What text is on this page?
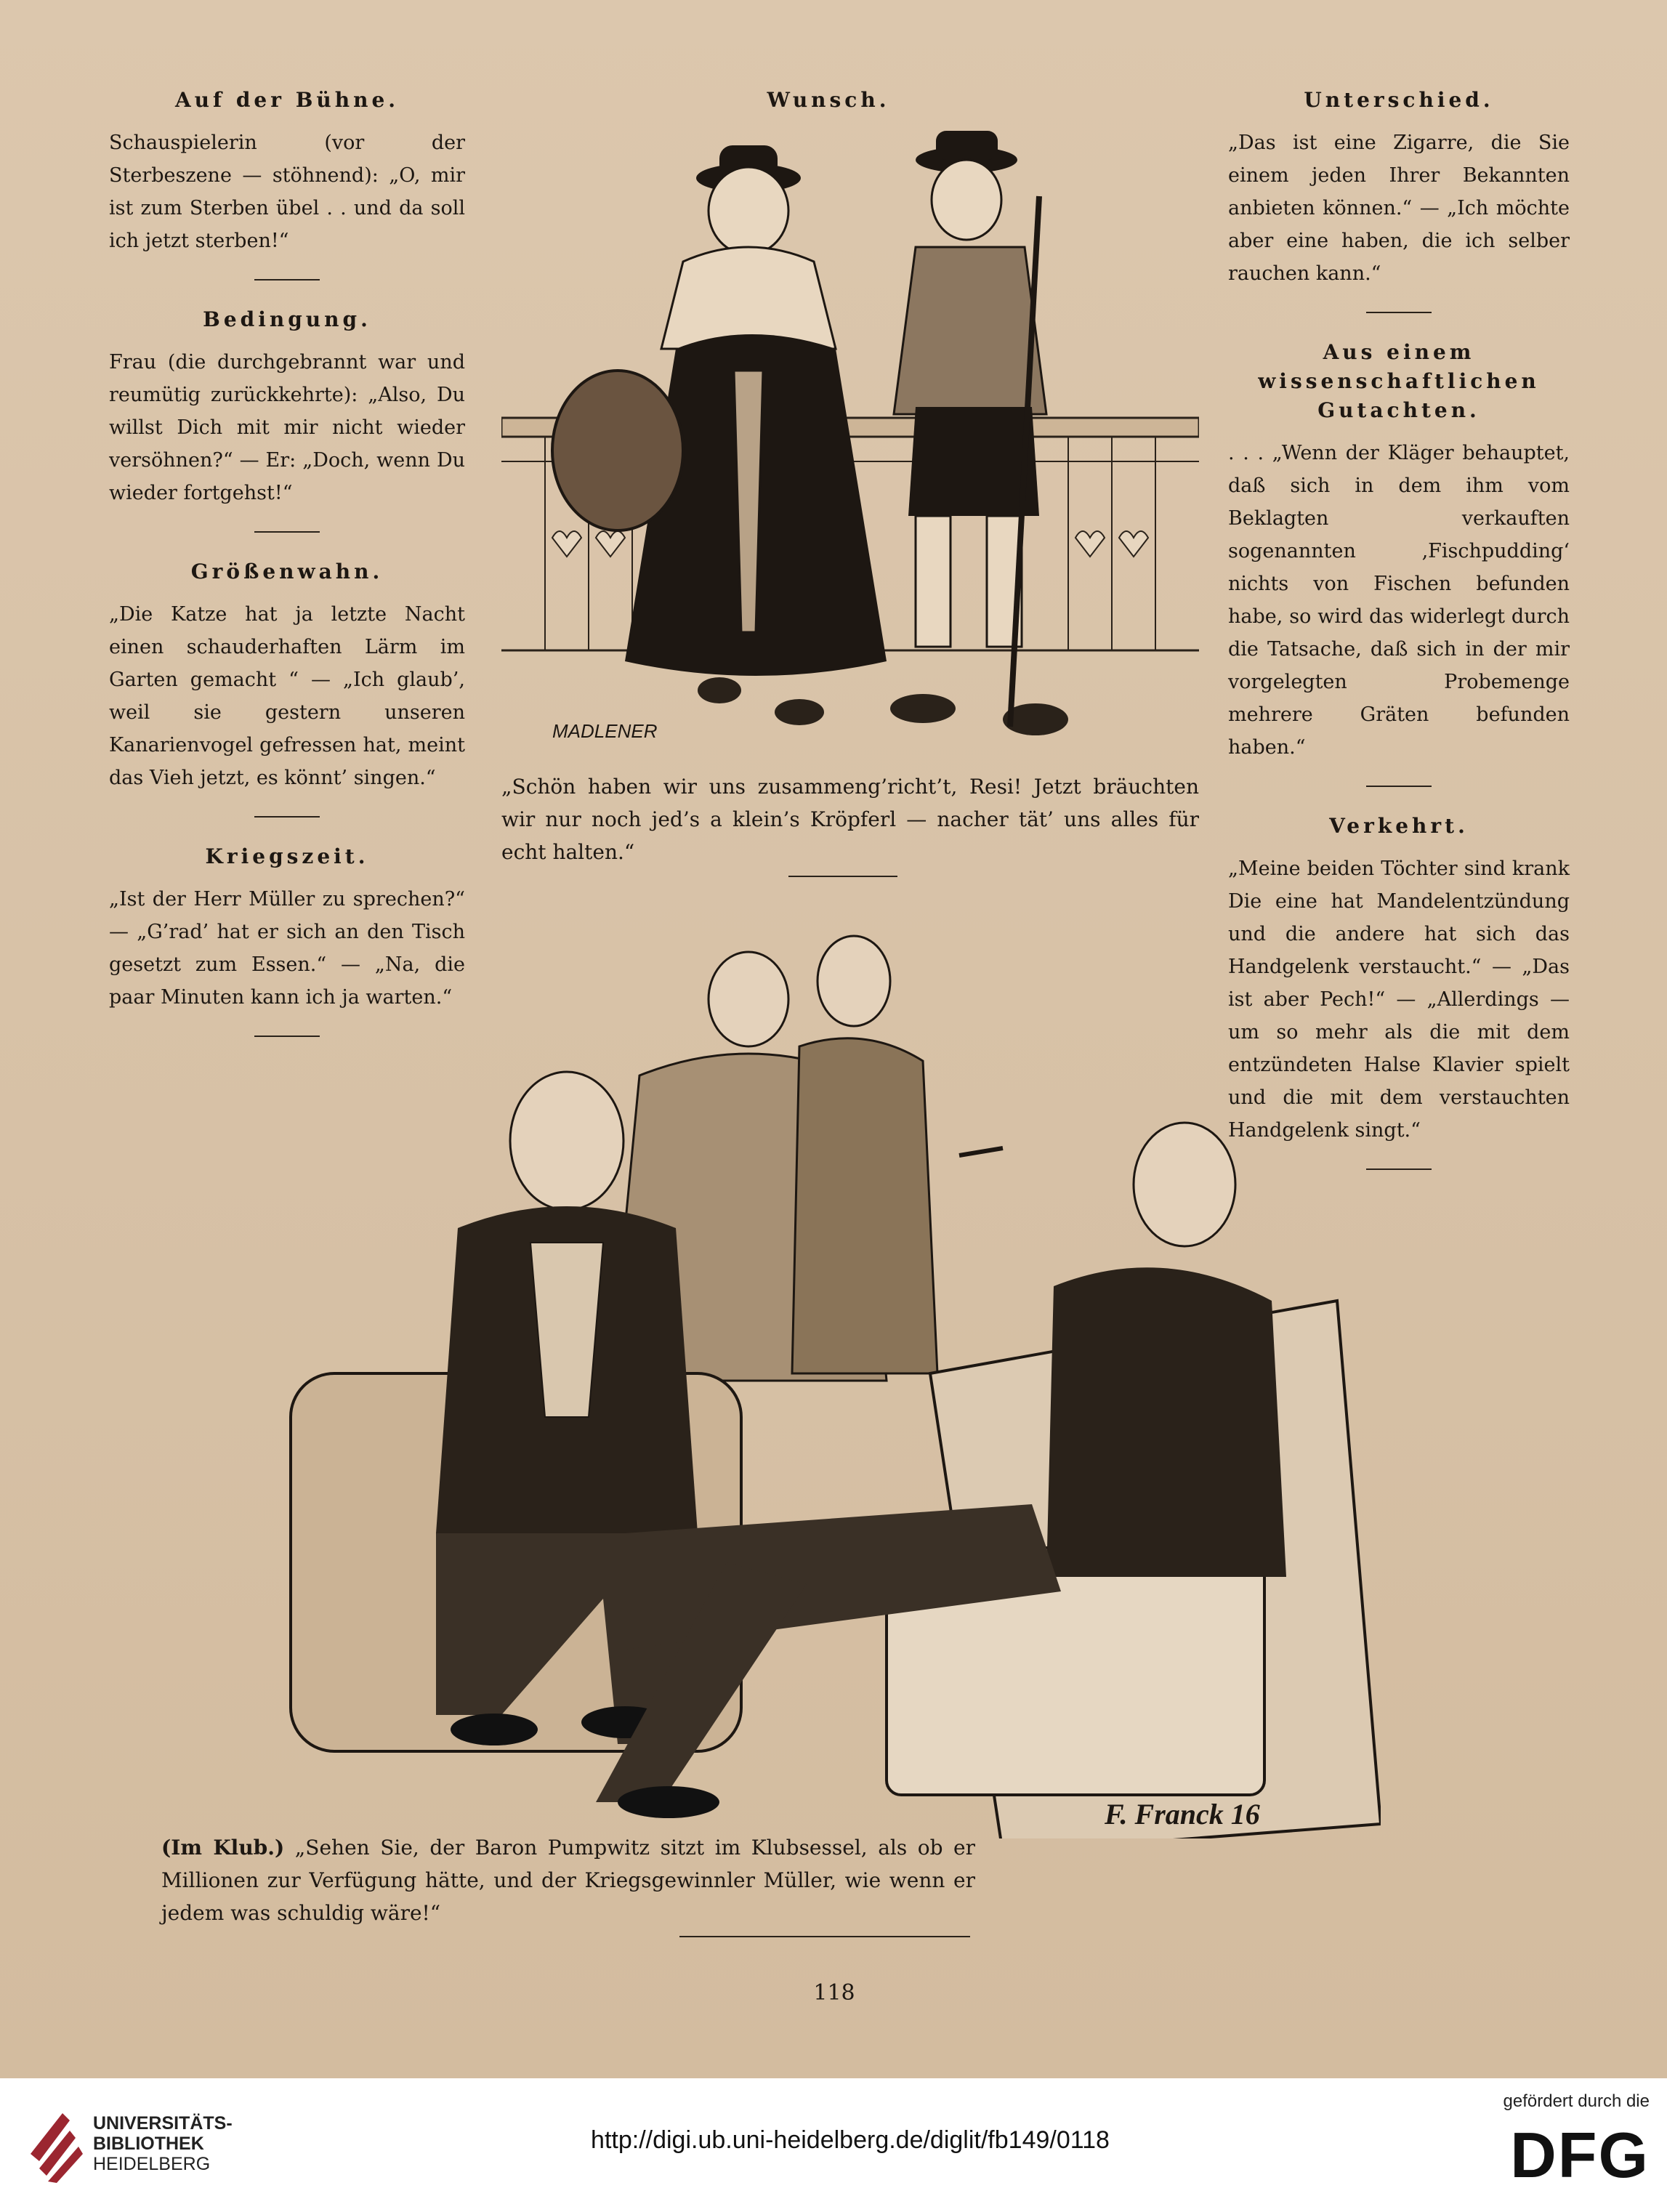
Auf der Bühne.

Schauspielerin (vor der Sterbeszene — stöhnend): „O, mir ist zum Sterben übel . . und da soll ich jetzt sterben!“

Bedingung.

Frau (die durchgebrannt war und reumütig zurückkehrte): „Also, Du willst Dich mit mir nicht wieder versöhnen?“ — Er: „Doch, wenn Du wieder fortgehst!“

Größenwahn.

„Die Katze hat ja letzte Nacht einen schauderhaften Lärm im Garten gemacht “ — „Ich glaub’, weil sie gestern unseren Kanarienvogel gefressen hat, meint das Vieh jetzt, es könnt’ singen.“

Kriegszeit.

„Ist der Herr Müller zu sprechen?“ — „G’rad’ hat er sich an den Tisch gesetzt zum Essen.“ — „Na, die paar Minuten kann ich ja warten.“

Wunsch.
MADLENER
„Schön haben wir uns zusammeng’richt’t, Resi! Jetzt bräuchten wir nur noch jed’s a klein’s Kröpferl — nacher tät’ uns alles für echt halten.“
Unterschied.

„Das ist eine Zigarre, die Sie einem jeden Ihrer Bekannten anbieten können.“ — „Ich möchte aber eine haben, die ich selber rauchen kann.“

Aus einem wissenschaftlichen Gutachten.

. . . „Wenn der Kläger behauptet, daß sich in dem ihm vom Beklagten verkauften sogenannten ‚Fischpudding‘ nichts von Fischen befunden habe, so wird das widerlegt durch die Tatsache, daß sich in der mir vorgelegten Probemenge mehrere Gräten befunden haben.“

Verkehrt.

„Meine beiden Töchter sind krank Die eine hat Mandelentzündung und die andere hat sich das Handgelenk verstaucht.“ — „Das ist aber Pech!“ — „Allerdings — um so mehr als die mit dem entzündeten Halse Klavier spielt und die mit dem verstauchten Handgelenk singt.“

F. Franck 16
(Im Klub.) „Sehen Sie, der Baron Pumpwitz sitzt im Klubsessel, als ob er Millionen zur Verfügung hätte, und der Kriegsgewinnler Müller, wie wenn er jedem was schuldig wäre!“
118
UNIVERSITÄTS-
BIBLIOTHEK
HEIDELBERG
http://digi.ub.uni-heidelberg.de/diglit/fb149/0118
gefördert durch die
DFG
